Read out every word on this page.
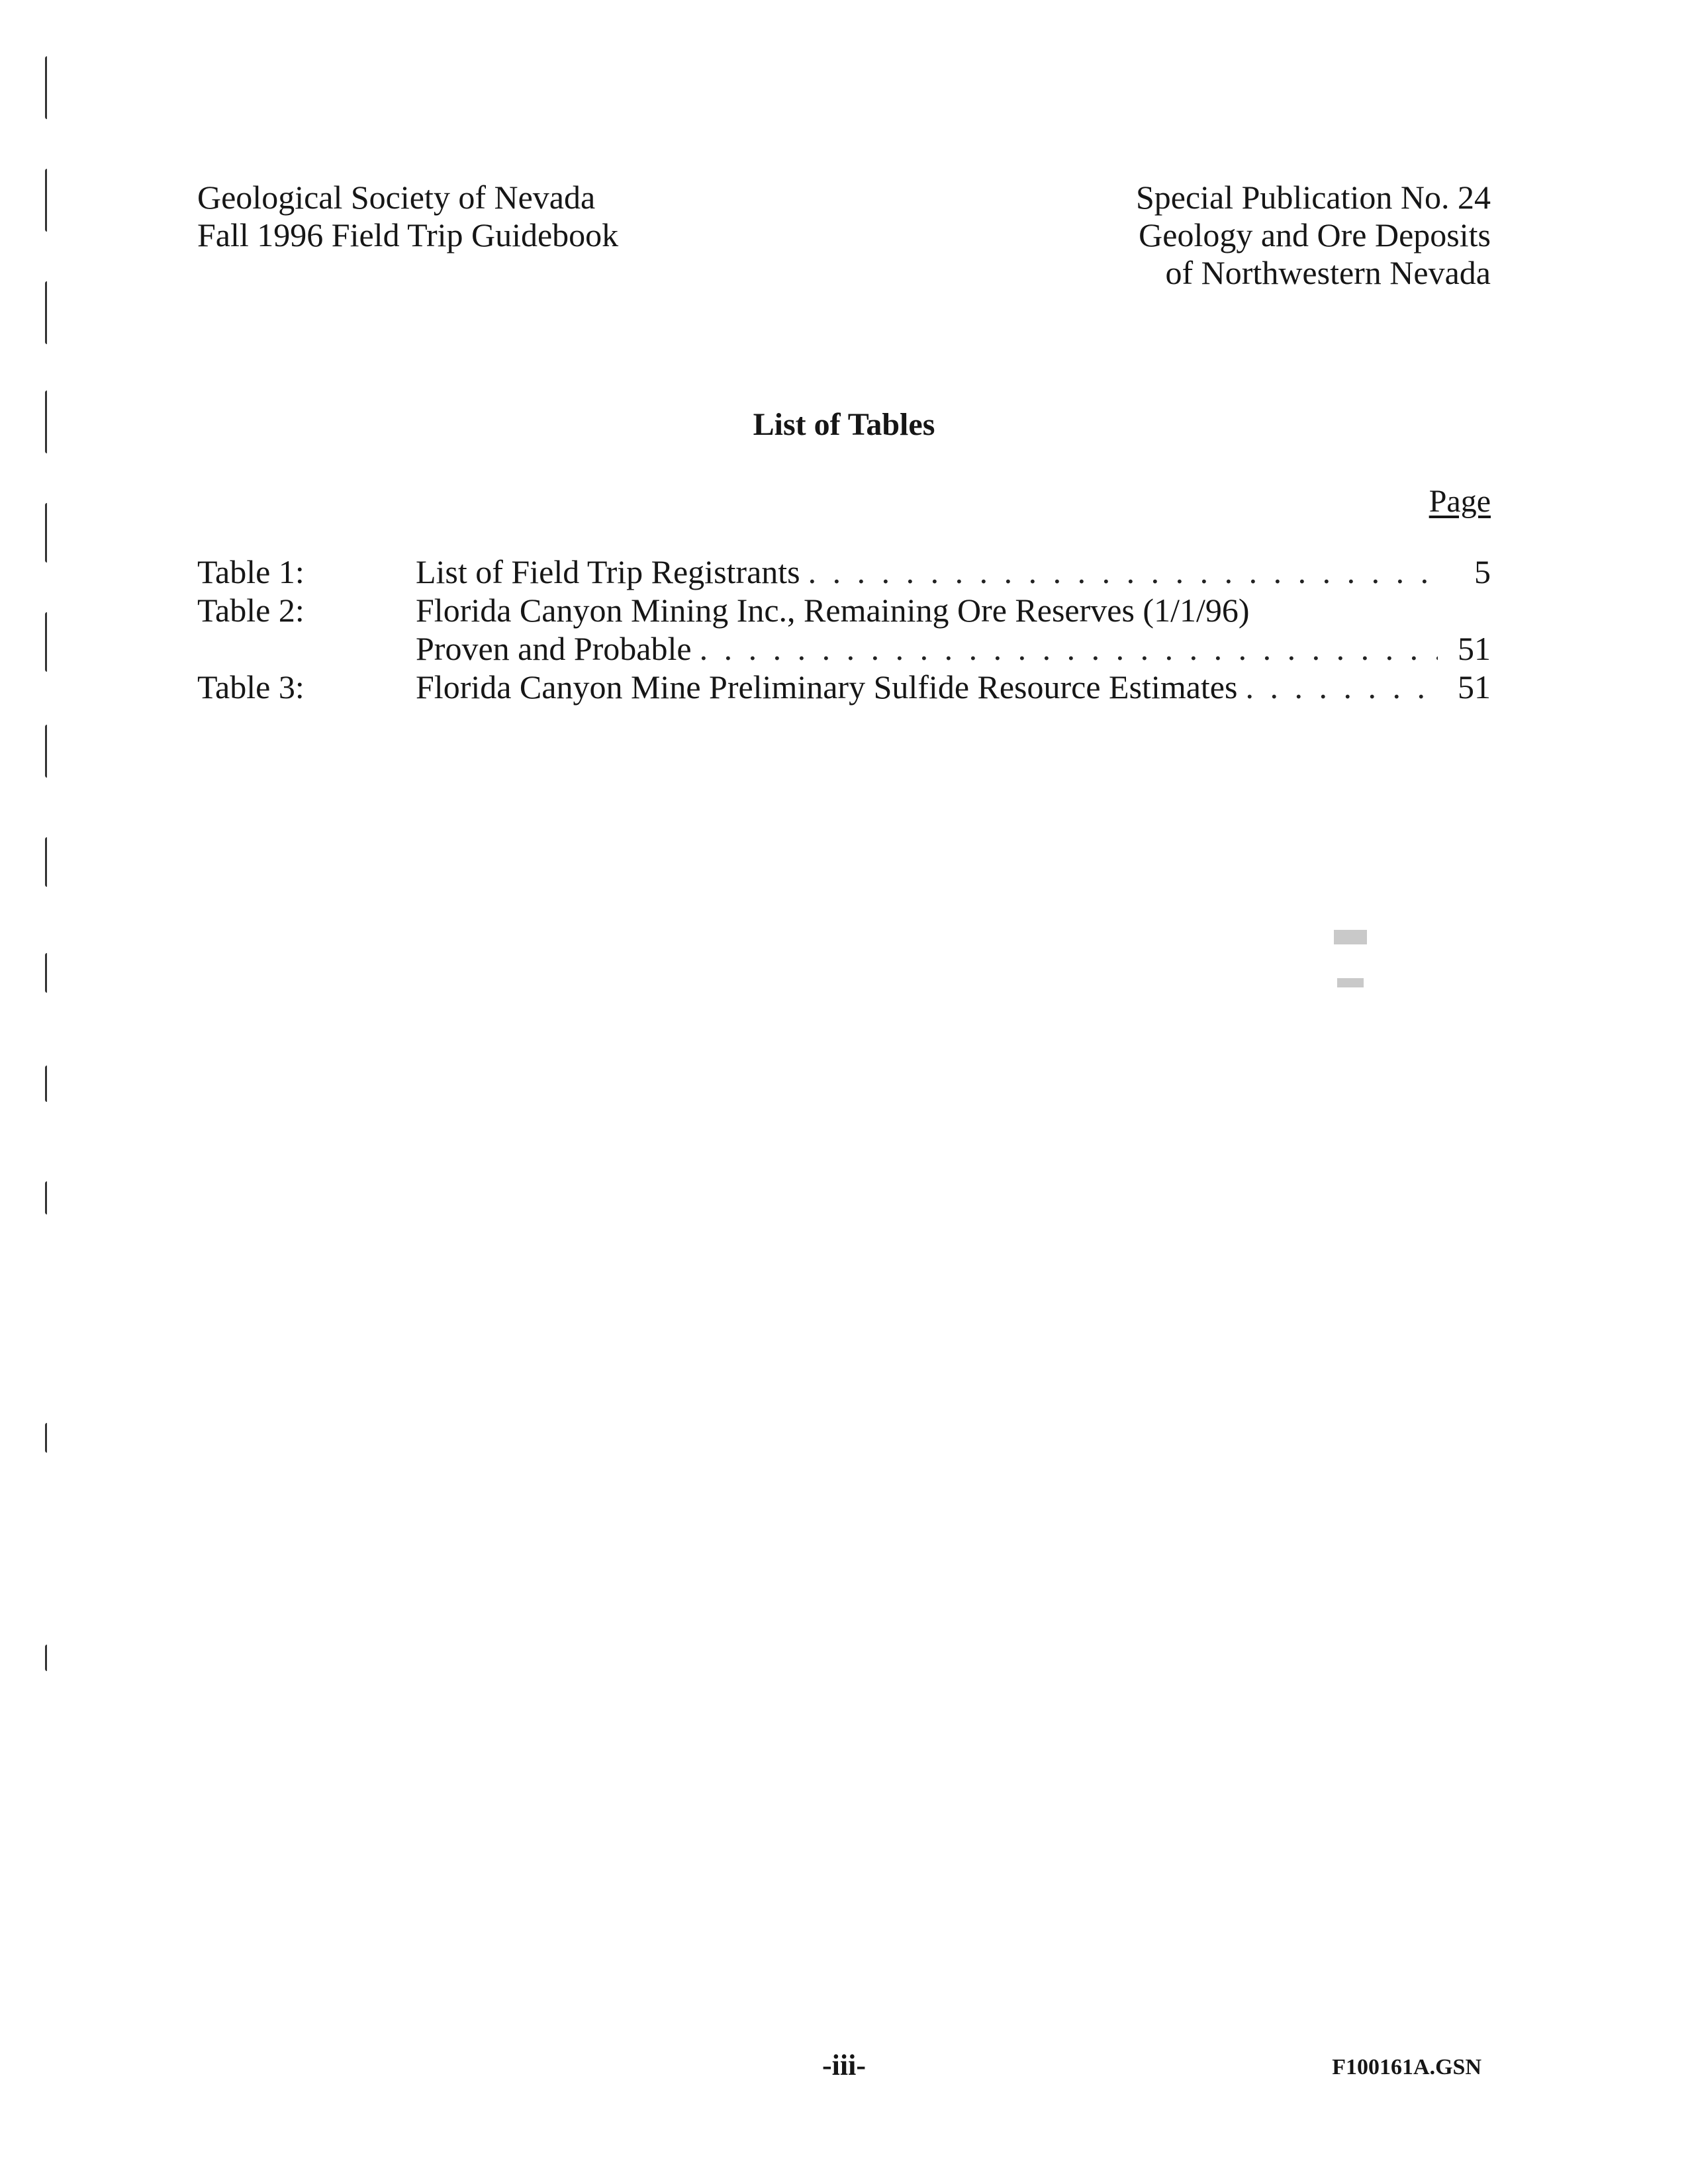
Geological Society of Nevada
Fall 1996 Field Trip Guidebook
Special Publication No. 24
Geology and Ore Deposits
of Northwestern Nevada
List of Tables
Page
Table 1:	List of Field Trip Registrants . . .	5
Table 2:	Florida Canyon Mining Inc., Remaining Ore Reserves (1/1/96)
Proven and Probable . . .	51
Table 3:	Florida Canyon Mine Preliminary Sulfide Resource Estimates . . .	51
-iii-	F100161A.GSN
